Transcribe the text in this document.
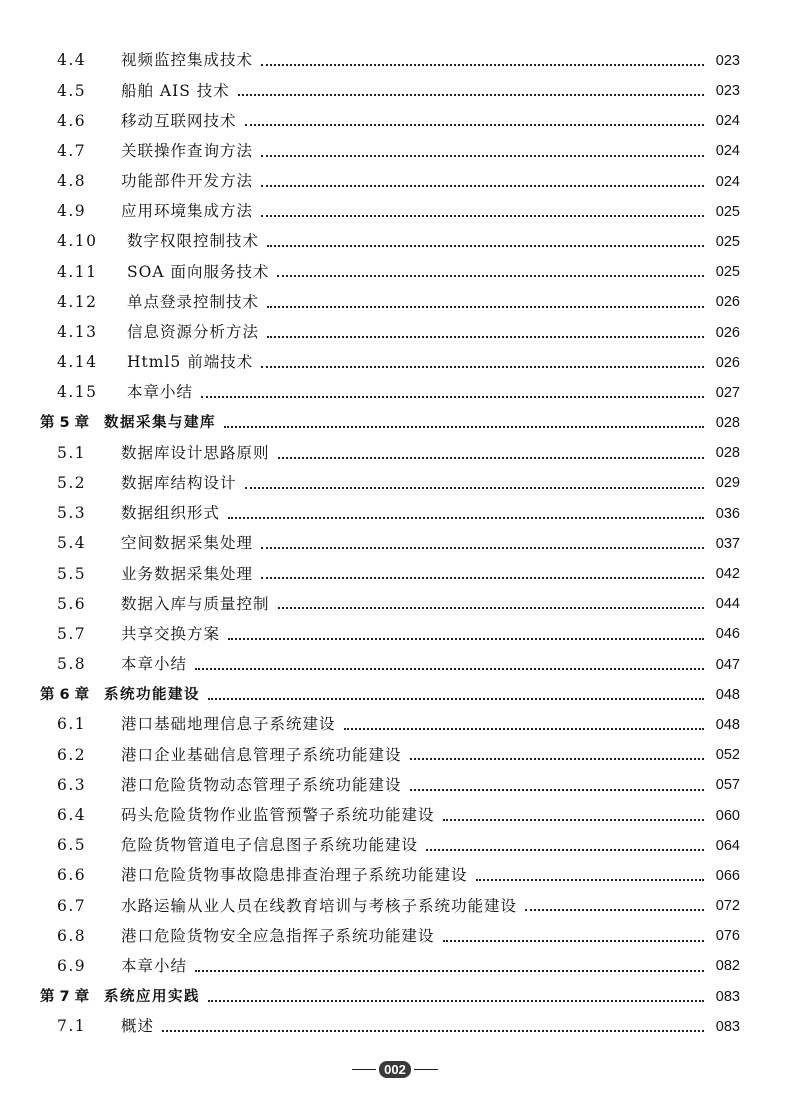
4.4	视频监控集成技术	023
4.5	船舶 AIS 技术	023
4.6	移动互联网技术	024
4.7	关联操作查询方法	024
4.8	功能部件开发方法	024
4.9	应用环境集成方法	025
4.10	数字权限控制技术	025
4.11	SOA 面向服务技术	025
4.12	单点登录控制技术	026
4.13	信息资源分析方法	026
4.14	Html5 前端技术	026
4.15	本章小结	027
第 5 章	数据采集与建库	028
5.1	数据库设计思路原则	028
5.2	数据库结构设计	029
5.3	数据组织形式	036
5.4	空间数据采集处理	037
5.5	业务数据采集处理	042
5.6	数据入库与质量控制	044
5.7	共享交换方案	046
5.8	本章小结	047
第 6 章	系统功能建设	048
6.1	港口基础地理信息子系统建设	048
6.2	港口企业基础信息管理子系统功能建设	052
6.3	港口危险货物动态管理子系统功能建设	057
6.4	码头危险货物作业监管预警子系统功能建设	060
6.5	危险货物管道电子信息图子系统功能建设	064
6.6	港口危险货物事故隐患排查治理子系统功能建设	066
6.7	水路运输从业人员在线教育培训与考核子系统功能建设	072
6.8	港口危险货物安全应急指挥子系统功能建设	076
6.9	本章小结	082
第 7 章	系统应用实践	083
7.1	概述	083
002
